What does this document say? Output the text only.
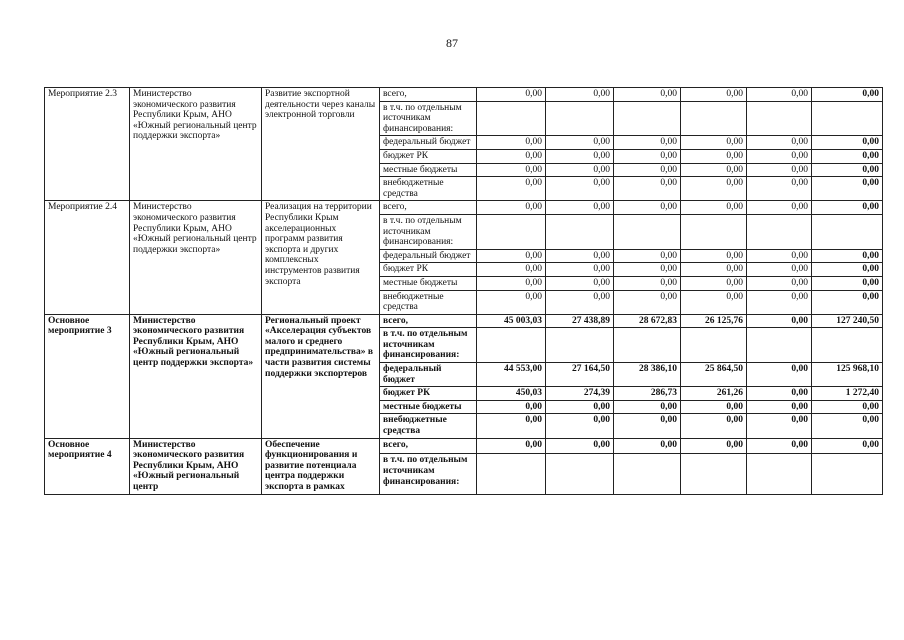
87
Мероприятие 2.3	Министерство экономического развития Республики Крым, АНО «Южный региональный центр поддержки экспорта»	Развитие экспортной деятельности через каналы электронной торговли	всего,	0,00	0,00	0,00	0,00	0,00	0,00
			в т.ч. по отдельным источникам финансирования:						
			федеральный бюджет	0,00	0,00	0,00	0,00	0,00	0,00
			бюджет РК	0,00	0,00	0,00	0,00	0,00	0,00
			местные бюджеты	0,00	0,00	0,00	0,00	0,00	0,00
			внебюджетные средства	0,00	0,00	0,00	0,00	0,00	0,00
Мероприятие 2.4	Министерство экономического развития Республики Крым, АНО «Южный региональный центр поддержки экспорта»	Реализация на территории Республики Крым акселерационных программ развития экспорта и других комплексных инструментов развития экспорта	всего,	0,00	0,00	0,00	0,00	0,00	0,00
			в т.ч. по отдельным источникам финансирования:						
			федеральный бюджет	0,00	0,00	0,00	0,00	0,00	0,00
			бюджет РК	0,00	0,00	0,00	0,00	0,00	0,00
			местные бюджеты	0,00	0,00	0,00	0,00	0,00	0,00
			внебюджетные средства	0,00	0,00	0,00	0,00	0,00	0,00
Основное мероприятие 3	Министерство экономического развития Республики Крым, АНО «Южный региональный центр поддержки экспорта»	Региональный проект «Акселерация субъектов малого и среднего предпринимательства» в части развития системы поддержки экспортеров	всего,	45 003,03	27 438,89	28 672,83	26 125,76	0,00	127 240,50
			в т.ч. по отдельным источникам финансирования:						
			федеральный бюджет	44 553,00	27 164,50	28 386,10	25 864,50	0,00	125 968,10
			бюджет РК	450,03	274,39	286,73	261,26	0,00	1 272,40
			местные бюджеты	0,00	0,00	0,00	0,00	0,00	0,00
			внебюджетные средства	0,00	0,00	0,00	0,00	0,00	0,00
Основное мероприятие 4	Министерство экономического развития Республики Крым, АНО «Южный региональный центр	Обеспечение функционирования и развитие потенциала центра поддержки экспорта в рамках	всего,	0,00	0,00	0,00	0,00	0,00	0,00
			в т.ч. по отдельным источникам финансирования:						
